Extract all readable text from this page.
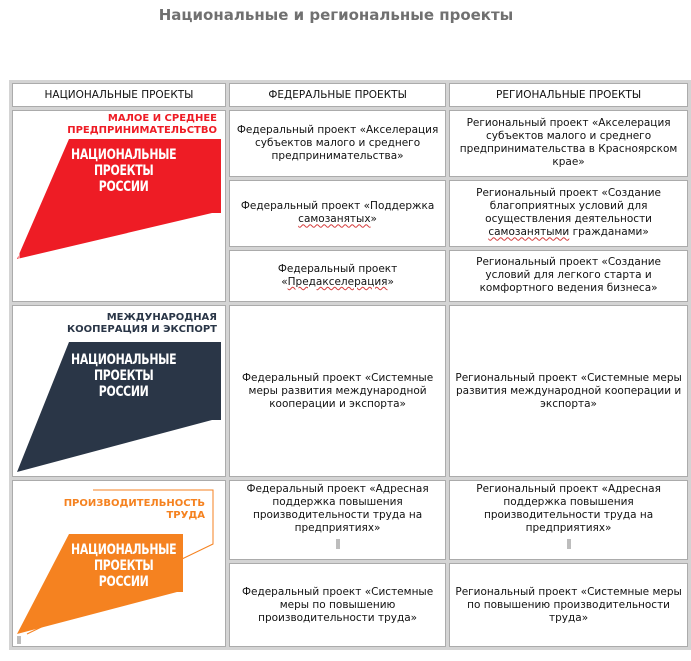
Национальные и региональные проекты
НАЦИОНАЛЬНЫЕ ПРОЕКТЫ	ФЕДЕРАЛЬНЫЕ ПРОЕКТЫ	РЕГИОНАЛЬНЫЕ ПРОЕКТЫ

МАЛОЕ И СРЕДНЕЕ
ПРЕДПРИНИМАТЕЛЬСТВО
НАЦИОНАЛЬНЫЕ
ПРОЕКТЫ
РОССИИ	Федеральный проект «Акселерация субъектов малого и среднего предпринимательства»	Региональный проект «Акселерация субъектов малого и среднего предпринимательства в Красноярском крае»
	Федеральный проект «Поддержка самозанятых»	Региональный проект «Создание благоприятных условий для осуществления деятельности самозанятыми гражданами»
	Федеральный проект «Предакселерация»	Региональный проект «Создание условий для легкого старта и комфортного ведения бизнеса»

МЕЖДУНАРОДНАЯ
КООПЕРАЦИЯ И ЭКСПОРТ
НАЦИОНАЛЬНЫЕ
ПРОЕКТЫ
РОССИИ	Федеральный проект «Системные меры развития международной кооперации и экспорта»	Региональный проект «Системные меры развития международной кооперации и экспорта»

ПРОИЗВОДИТЕЛЬНОСТЬ
ТРУДА
НАЦИОНАЛЬНЫЕ
ПРОЕКТЫ
РОССИИ	Федеральный проект «Адресная поддержка повышения производительности труда на предприятиях»	Региональный проект «Адресная поддержка повышения производительности труда на предприятиях»

	Федеральный проект «Системные меры по повышению производительности труда»	Региональный проект «Системные меры по повышению производительности труда»
